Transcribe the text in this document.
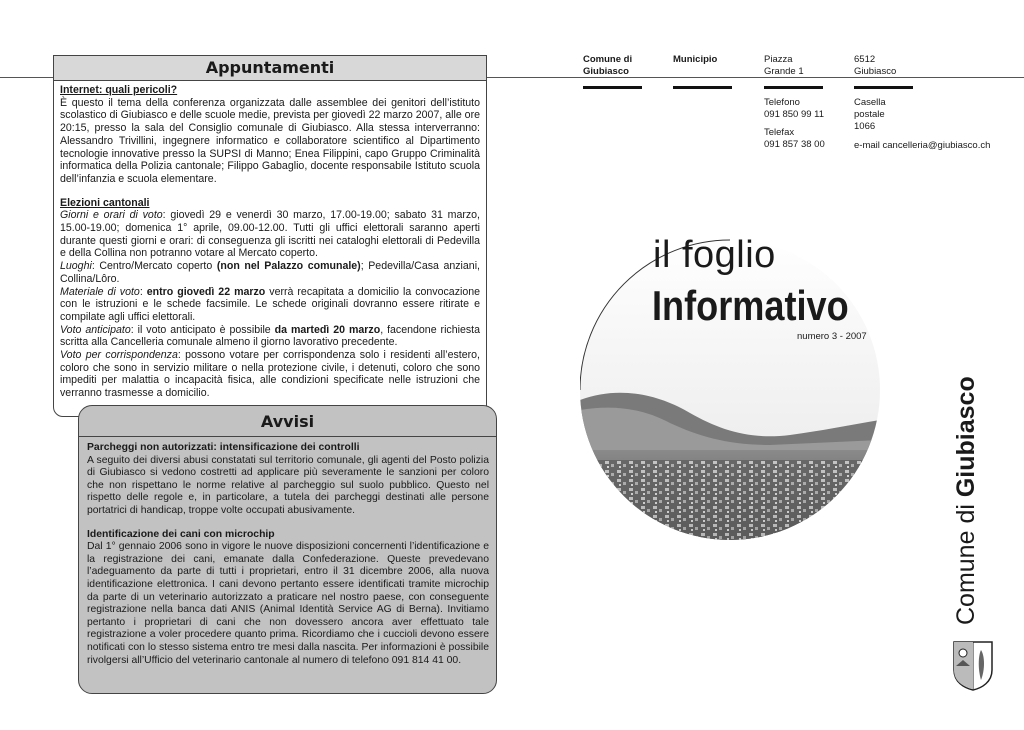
Comune di
Giubiasco
Municipio	Piazza
Grande 1
6512
Giubiasco
Telefono
091 850 99 11

Telefax
091 857 38 00
Casella
postale
1066
e-mail cancelleria@giubiasco.ch
il foglio
Informativo
numero 3 - 2007
Comune di Giubiasco
Appuntamenti

Internet: quali pericoli?

È questo il tema della conferenza organizzata dalle assemblee dei genitori dell’istituto scolastico di Giubiasco e delle scuole medie, prevista per giovedì 22 marzo 2007, alle ore 20:15, presso la sala del Consiglio comunale di Giubiasco. Alla stessa interverranno: Alessandro Trivillini, ingegnere informatico e collaboratore scientifico al Dipartimento tecnologie innovative presso la SUPSI di Manno; Enea Filippini, capo Gruppo Criminalità informatica della Polizia cantonale; Filippo Gabaglio, docente responsabile Istituto scuola dell’infanzia e scuola elementare.

Elezioni cantonali

Giorni e orari di voto: giovedì 29 e venerdì 30 marzo, 17.00-19.00; sabato 31 marzo, 15.00-19.00; domenica 1° aprile, 09.00-12.00. Tutti gli uffici elettorali saranno aperti durante questi giorni e orari: di conseguenza gli iscritti nei cataloghi elettorali di Pedevilla e della Collina non potranno votare al Mercato coperto.

Luoghi: Centro/Mercato coperto (non nel Palazzo comunale); Pedevilla/Casa anziani, Collina/Lôro.

Materiale di voto: entro giovedì 22 marzo verrà recapitata a domicilio la convocazione con le istruzioni e le schede facsimile. Le schede originali dovranno essere ritirate e compilate agli uffici elettorali.

Voto anticipato: il voto anticipato è possibile da martedì 20 marzo, facendone richiesta scritta alla Cancelleria comunale almeno il giorno lavorativo precedente.

Voto per corrispondenza: possono votare per corrispondenza solo i residenti all’estero, coloro che sono in servizio militare o nella protezione civile, i detenuti, coloro che sono impediti per malattia o incapacità fisica, alle condizioni specificate nelle istruzioni che verranno trasmesse a domicilio.

Avvisi

Parcheggi non autorizzati: intensificazione dei controlli

A seguito dei diversi abusi constatati sul territorio comunale, gli agenti del Posto polizia di Giubiasco si vedono costretti ad applicare più severamente le sanzioni per coloro che non rispettano le norme relative al parcheggio sul suolo pubblico. Questo nel rispetto delle regole e, in particolare, a tutela dei parcheggi destinati alle persone portatrici di handicap, troppe volte occupati abusivamente.

Identificazione dei cani con microchip

Dal 1° gennaio 2006 sono in vigore le nuove disposizioni concernenti l’identificazione e la registrazione dei cani, emanate dalla Confederazione. Queste prevedevano l’adeguamento da parte di tutti i proprietari, entro il 31 dicembre 2006, alla nuova identificazione elettronica. I cani devono pertanto essere identificati tramite microchip da parte di un veterinario autorizzato a praticare nel nostro paese, con conseguente registrazione nella banca dati ANIS (Animal Identità Service AG di Berna). Invitiamo pertanto i proprietari di cani che non dovessero ancora aver effettuato tale registrazione a voler procedere quanto prima. Ricordiamo che i cuccioli devono essere notificati con lo stesso sistema entro tre mesi dalla nascita. Per informazioni è possibile rivolgersi all’Ufficio del veterinario cantonale al numero di telefono 091 814 41 00.
